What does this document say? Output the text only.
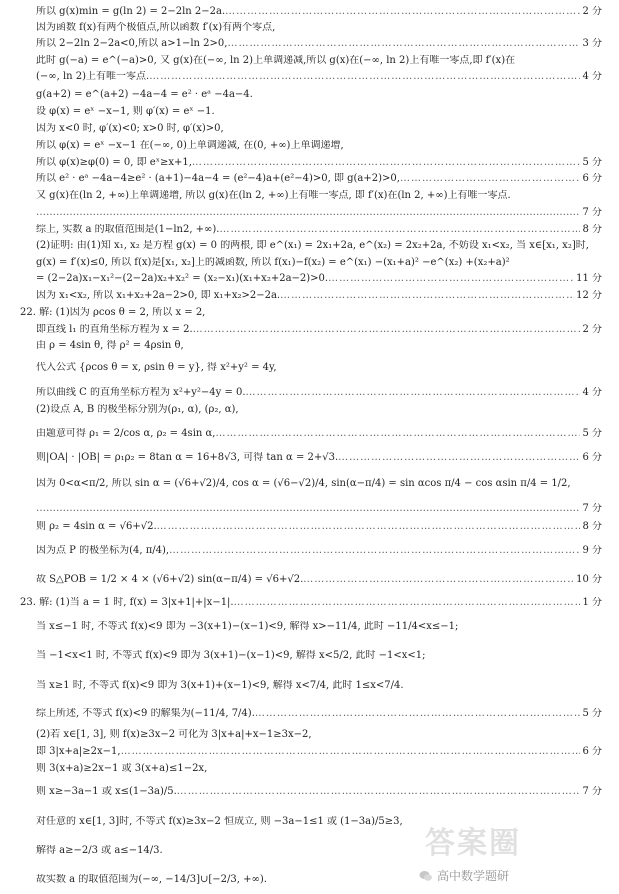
所以 g(x)min = g(ln 2) = 2−2ln 2−2a. ……………………………………………………………………………………………………………………………………………………………………………………………………………………	2 分
因为函数 f(x)有两个极值点,所以函数 f′(x)有两个零点,
所以 2−2ln 2−2a<0,所以 a>1−ln 2>0, ……………………………………………………………………………………………………………………………………………………………………………………………………………………	3 分
此时 g(−a) = e^(−a)>0, 又 g(x)在(−∞, ln 2)上单调递减,所以 g(x)在(−∞, ln 2)上有唯一零点,即 f′(x)在
(−∞, ln 2)上有唯一零点. ……………………………………………………………………………………………………………………………………………………………………………………………………………………	4 分
g(a+2) = e^(a+2) −4a−4 = e² · eᵃ −4a−4.
设 φ(x) = eˣ −x−1, 则 φ′(x) = eˣ −1.
因为 x<0 时, φ′(x)<0; x>0 时, φ′(x)>0,
所以 φ(x) = eˣ −x−1 在(−∞, 0)上单调递减, 在(0, +∞)上单调递增,
所以 φ(x)≥φ(0) = 0, 即 eˣ≥x+1, ……………………………………………………………………………………………………………………………………………………………………………………………………………………	5 分
所以 e² · eᵃ −4a−4≥e² · (a+1)−4a−4 = (e²−4)a+(e²−4)>0, 即 g(a+2)>0, ……………………………………………………………………………………………………………………………………………………………………………………………………………………	6 分
又 g(x)在(ln 2, +∞)上单调递增, 所以 g(x)在(ln 2, +∞)上有唯一零点, 即 f′(x)在(ln 2, +∞)上有唯一零点.
……………………………………………………………………………………………………………………………………………………………………………………………………………………
7 分
综上, 实数 a 的取值范围是(1−ln2, +∞). ……………………………………………………………………………………………………………………………………………………………………………………………………………………	8 分
(2)证明: 由(1)知 x₁, x₂ 是方程 g(x) = 0 的两根, 即 e^(x₁) = 2x₁+2a, e^(x₂) = 2x₂+2a, 不妨设 x₁<x₂, 当 x∈[x₁, x₂]时,
g(x) = f′(x)≤0, 所以 f(x)是[x₁, x₂]上的减函数, 所以 f(x₁)−f(x₂) = e^(x₁) −(x₁+a)² −e^(x₂) +(x₂+a)²
= (2−2a)x₁−x₁²−(2−2a)x₂+x₂² = (x₂−x₁)(x₁+x₂+2a−2)>0. ……………………………………………………………………………………………………………………………………………………………………………………………………………………	11 分
因为 x₁<x₂, 所以 x₁+x₂+2a−2>0, 即 x₁+x₂>2−2a. ……………………………………………………………………………………………………………………………………………………………………………………………………………………	12 分
22. 解: (1)因为 ρcos θ = 2, 所以 x = 2,
即直线 l₁ 的直角坐标方程为 x = 2. ……………………………………………………………………………………………………………………………………………………………………………………………………………………	2 分
由 ρ = 4sin θ, 得 ρ² = 4ρsin θ,
代入公式 {ρcos θ = x, ρsin θ = y}, 得 x²+y² = 4y,
所以曲线 C 的直角坐标方程为 x²+y²−4y = 0. ……………………………………………………………………………………………………………………………………………………………………………………………………………………	4 分
(2)设点 A, B 的极坐标分别为(ρ₁, α), (ρ₂, α),
由题意可得 ρ₁ = 2/cos α, ρ₂ = 4sin α, ……………………………………………………………………………………………………………………………………………………………………………………………………………………	5 分
则|OA| · |OB| = ρ₁ρ₂ = 8tan α = 16+8√3, 可得 tan α = 2+√3. ……………………………………………………………………………………………………………………………………………………………………………………………………………………	6 分
因为 0<α<π/2, 所以 sin α = (√6+√2)/4, cos α = (√6−√2)/4, sin(α−π/4) = sin αcos π/4 − cos αsin π/4 = 1/2,
……………………………………………………………………………………………………………………………………………………………………………………………………………………
7 分
则 ρ₂ = 4sin α = √6+√2. ……………………………………………………………………………………………………………………………………………………………………………………………………………………	8 分
因为点 P 的极坐标为(4, π/4), ……………………………………………………………………………………………………………………………………………………………………………………………………………………	9 分
故 S△POB = 1/2 × 4 × (√6+√2) sin(α−π/4) = √6+√2. ……………………………………………………………………………………………………………………………………………………………………………………………………………………	10 分
23. 解: (1)当 a = 1 时, f(x) = 3|x+1|+|x−1|. ……………………………………………………………………………………………………………………………………………………………………………………………………………………	1 分
当 x≤−1 时, 不等式 f(x)<9 即为 −3(x+1)−(x−1)<9, 解得 x>−11/4, 此时 −11/4<x≤−1;
当 −1<x<1 时, 不等式 f(x)<9 即为 3(x+1)−(x−1)<9, 解得 x<5/2, 此时 −1<x<1;
当 x≥1 时, 不等式 f(x)<9 即为 3(x+1)+(x−1)<9, 解得 x<7/4, 此时 1≤x<7/4.
综上所述, 不等式 f(x)<9 的解集为(−11/4, 7/4). ……………………………………………………………………………………………………………………………………………………………………………………………………………………	5 分
(2)若 x∈[1, 3], 则 f(x)≥3x−2 可化为 3|x+a|+x−1≥3x−2,
即 3|x+a|≥2x−1, ……………………………………………………………………………………………………………………………………………………………………………………………………………………	6 分
则 3(x+a)≥2x−1 或 3(x+a)≤1−2x,
则 x≥−3a−1 或 x≤(1−3a)/5. ……………………………………………………………………………………………………………………………………………………………………………………………………………………	7 分
对任意的 x∈[1, 3]时, 不等式 f(x)≥3x−2 恒成立, 则 −3a−1≤1 或 (1−3a)/5≥3,
解得 a≥−2/3 或 a≤−14/3.
故实数 a 的取值范围为(−∞, −14/3]∪[−2/3, +∞).
答案圈
高中数学题研
